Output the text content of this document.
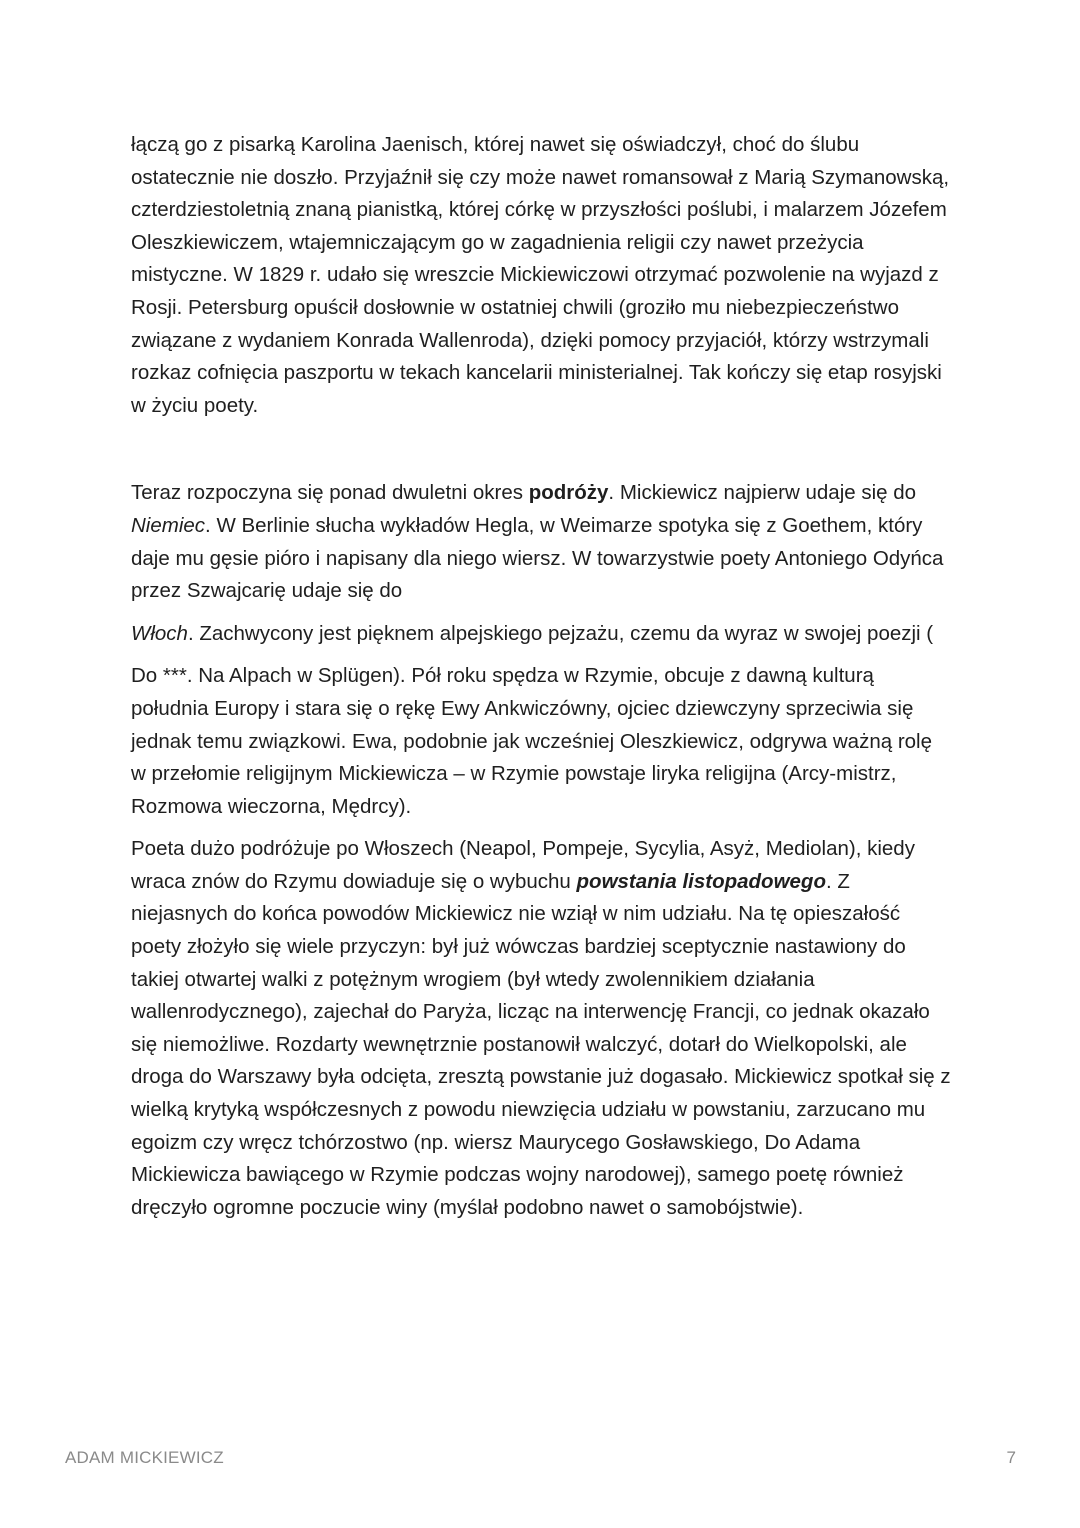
łączą go z pisarką Karolina Jaenisch, której nawet się oświadczył, choć do ślubu ostatecznie nie doszło. Przyjaźnił się czy może nawet romansował z Marią Szymanowską, czterdziestoletnią znaną pianistką, której córkę w przyszłości poślubi, i malarzem Józefem Oleszkiewiczem, wtajemniczającym go w zagadnienia religii czy nawet przeżycia mistyczne. W 1829 r. udało się wreszcie Mickiewiczowi otrzymać pozwolenie na wyjazd z Rosji. Petersburg opuścił dosłownie w ostatniej chwili (groziło mu niebezpieczeństwo związane z wydaniem Konrada Wallenroda), dzięki pomocy przyjaciół, którzy wstrzymali rozkaz cofnięcia paszportu w tekach kancelarii ministerialnej. Tak kończy się etap rosyjski w życiu poety.

Teraz rozpoczyna się ponad dwuletni okres podróży. Mickiewicz najpierw udaje się do Niemiec. W Berlinie słucha wykładów Hegla, w Weimarze spotyka się z Goethem, który daje mu gęsie pióro i napisany dla niego wiersz. W towarzystwie poety Antoniego Odyńca przez Szwajcarię udaje się do

Włoch. Zachwycony jest pięknem alpejskiego pejzażu, czemu da wyraz w swojej poezji (

Do ***. Na Alpach w Splügen). Pół roku spędza w Rzymie, obcuje z dawną kulturą południa Europy i stara się o rękę Ewy Ankwiczówny, ojciec dziewczyny sprzeciwia się jednak temu związkowi. Ewa, podobnie jak wcześniej Oleszkiewicz, odgrywa ważną rolę w przełomie religijnym Mickiewicza – w Rzymie powstaje liryka religijna (Arcy-mistrz, Rozmowa wieczorna, Mędrcy).

Poeta dużo podróżuje po Włoszech (Neapol, Pompeje, Sycylia, Asyż, Mediolan), kiedy wraca znów do Rzymu dowiaduje się o wybuchu powstania listopadowego. Z niejasnych do końca powodów Mickiewicz nie wziął w nim udziału. Na tę opieszałość poety złożyło się wiele przyczyn: był już wówczas bardziej sceptycznie nastawiony do takiej otwartej walki z potężnym wrogiem (był wtedy zwolennikiem działania wallenrodycznego), zajechał do Paryża, licząc na interwencję Francji, co jednak okazało się niemożliwe. Rozdarty wewnętrznie postanowił walczyć, dotarł do Wielkopolski, ale droga do Warszawy była odcięta, zresztą powstanie już dogasało. Mickiewicz spotkał się z wielką krytyką współczesnych z powodu niewzięcia udziału w powstaniu, zarzucano mu egoizm czy wręcz tchórzostwo (np. wiersz Maurycego Gosławskiego, Do Adama Mickiewicza bawiącego w Rzymie podczas wojny narodowej), samego poetę również dręczyło ogromne poczucie winy (myślał podobno nawet o samobójstwie).

ADAM MICKIEWICZ	7
